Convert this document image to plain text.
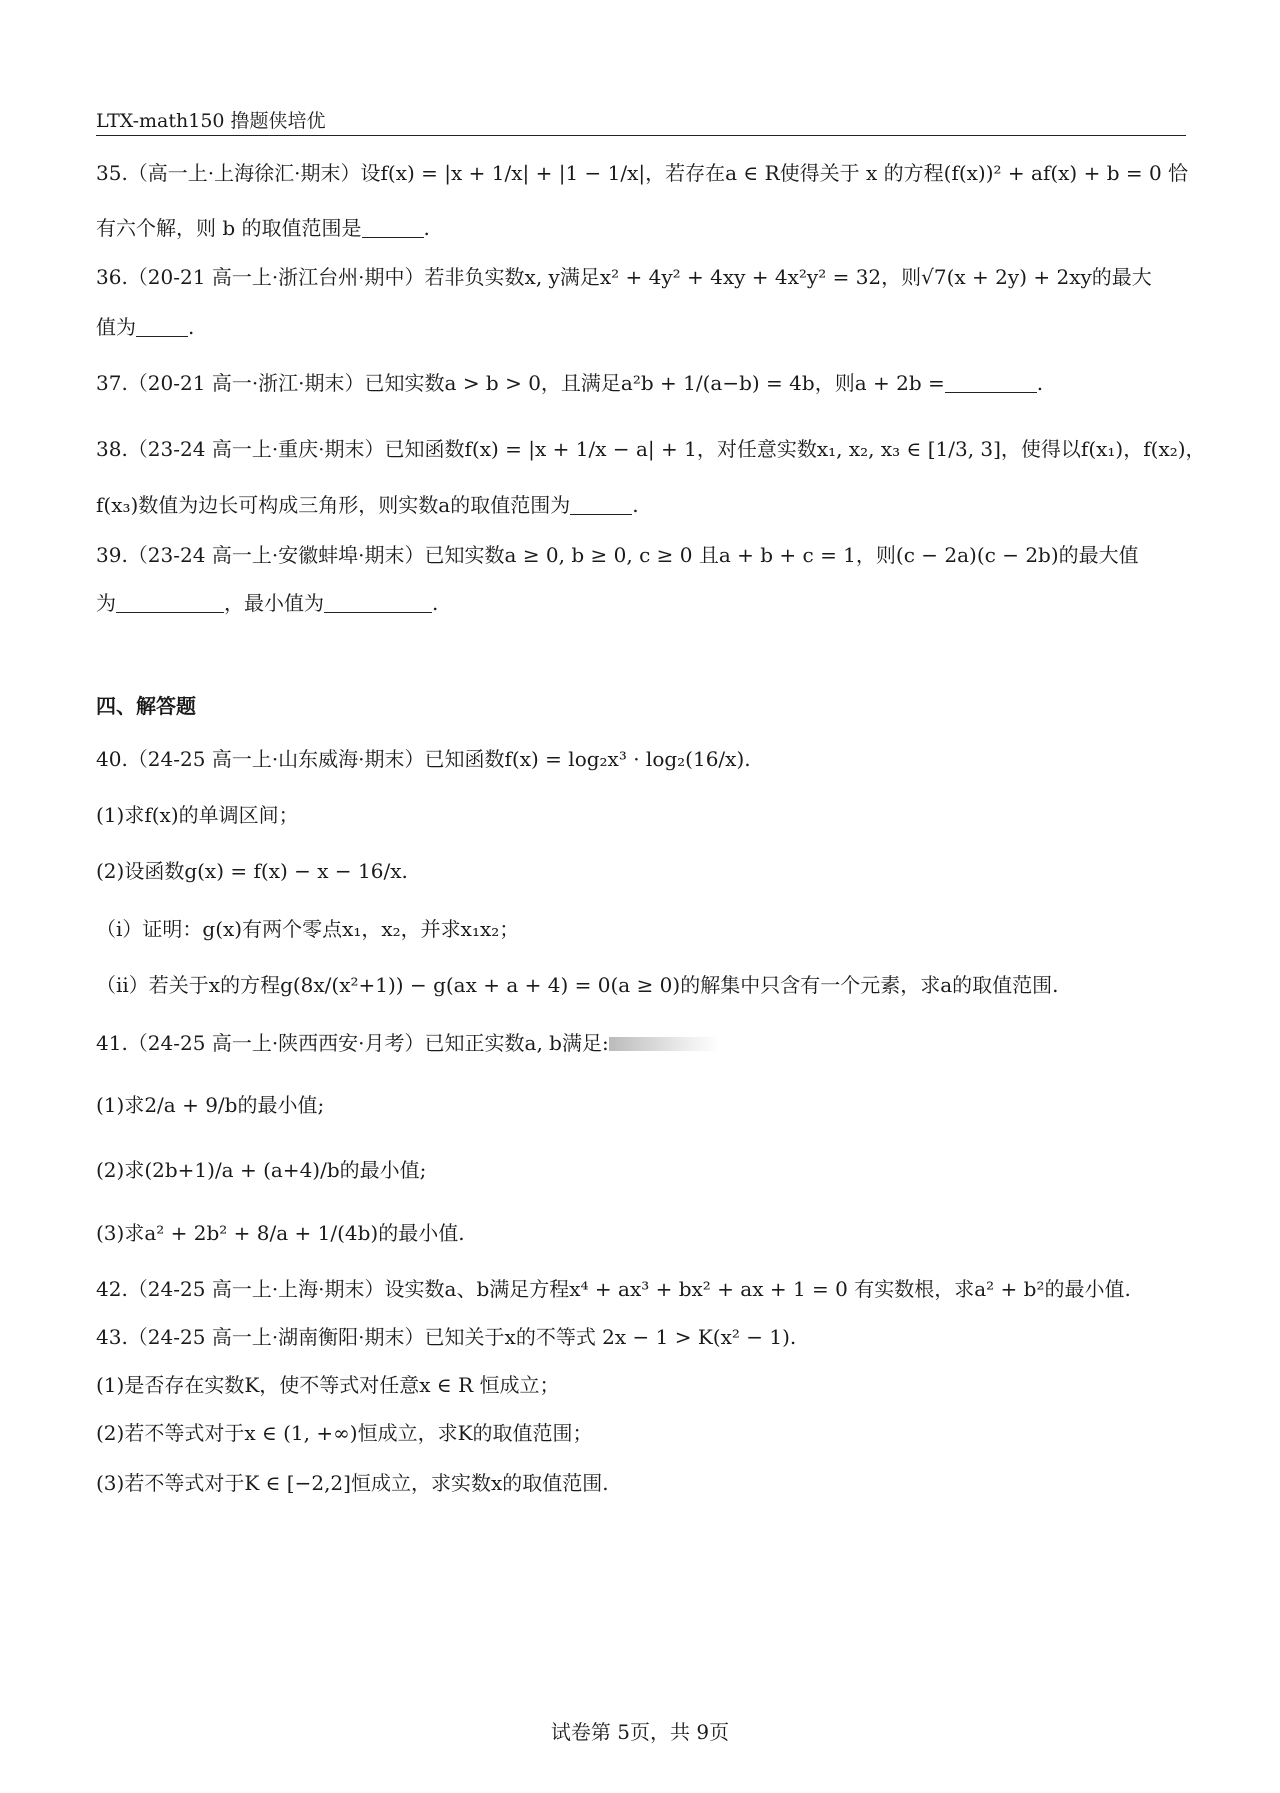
LTX-math150 撸题侠培优
35.（高一上·上海徐汇·期末）设f(x) = |x + 1/x| + |1 − 1/x|，若存在a ∈ R使得关于 x 的方程(f(x))² + af(x) + b = 0 恰
有六个解，则 b 的取值范围是	.
36.（20-21 高一上·浙江台州·期中）若非负实数x, y满足x² + 4y² + 4xy + 4x²y² = 32，则√7(x + 2y) + 2xy的最大
值为	.
37.（20-21 高一·浙江·期末）已知实数a > b > 0，且满足a²b + 1/(a−b) = 4b，则a + 2b =	.
38.（23-24 高一上·重庆·期末）已知函数f(x) = |x + 1/x − a| + 1，对任意实数x₁, x₂, x₃ ∈ [1/3, 3]，使得以f(x₁)，f(x₂)，
f(x₃)数值为边长可构成三角形，则实数a的取值范围为	.
39.（23-24 高一上·安徽蚌埠·期末）已知实数a ≥ 0, b ≥ 0, c ≥ 0 且a + b + c = 1，则(c − 2a)(c − 2b)的最大值
为	，最小值为	.
四、解答题
40.（24-25 高一上·山东威海·期末）已知函数f(x) = log₂x³ · log₂(16/x).
(1)求f(x)的单调区间；
(2)设函数g(x) = f(x) − x − 16/x.
（i）证明：g(x)有两个零点x₁，x₂，并求x₁x₂；
（ii）若关于x的方程g(8x/(x²+1)) − g(ax + a + 4) = 0(a ≥ 0)的解集中只含有一个元素，求a的取值范围.
41.（24-25 高一上·陕西西安·月考）已知正实数a, b满足:
(1)求2/a + 9/b的最小值;
(2)求(2b+1)/a + (a+4)/b的最小值;
(3)求a² + 2b² + 8/a + 1/(4b)的最小值.
42.（24-25 高一上·上海·期末）设实数a、b满足方程x⁴ + ax³ + bx² + ax + 1 = 0 有实数根，求a² + b²的最小值.
43.（24-25 高一上·湖南衡阳·期末）已知关于x的不等式 2x − 1 > K(x² − 1).
(1)是否存在实数K，使不等式对任意x ∈ R 恒成立；
(2)若不等式对于x ∈ (1, +∞)恒成立，求K的取值范围；
(3)若不等式对于K ∈ [−2,2]恒成立，求实数x的取值范围.
试卷第 5页，共 9页
